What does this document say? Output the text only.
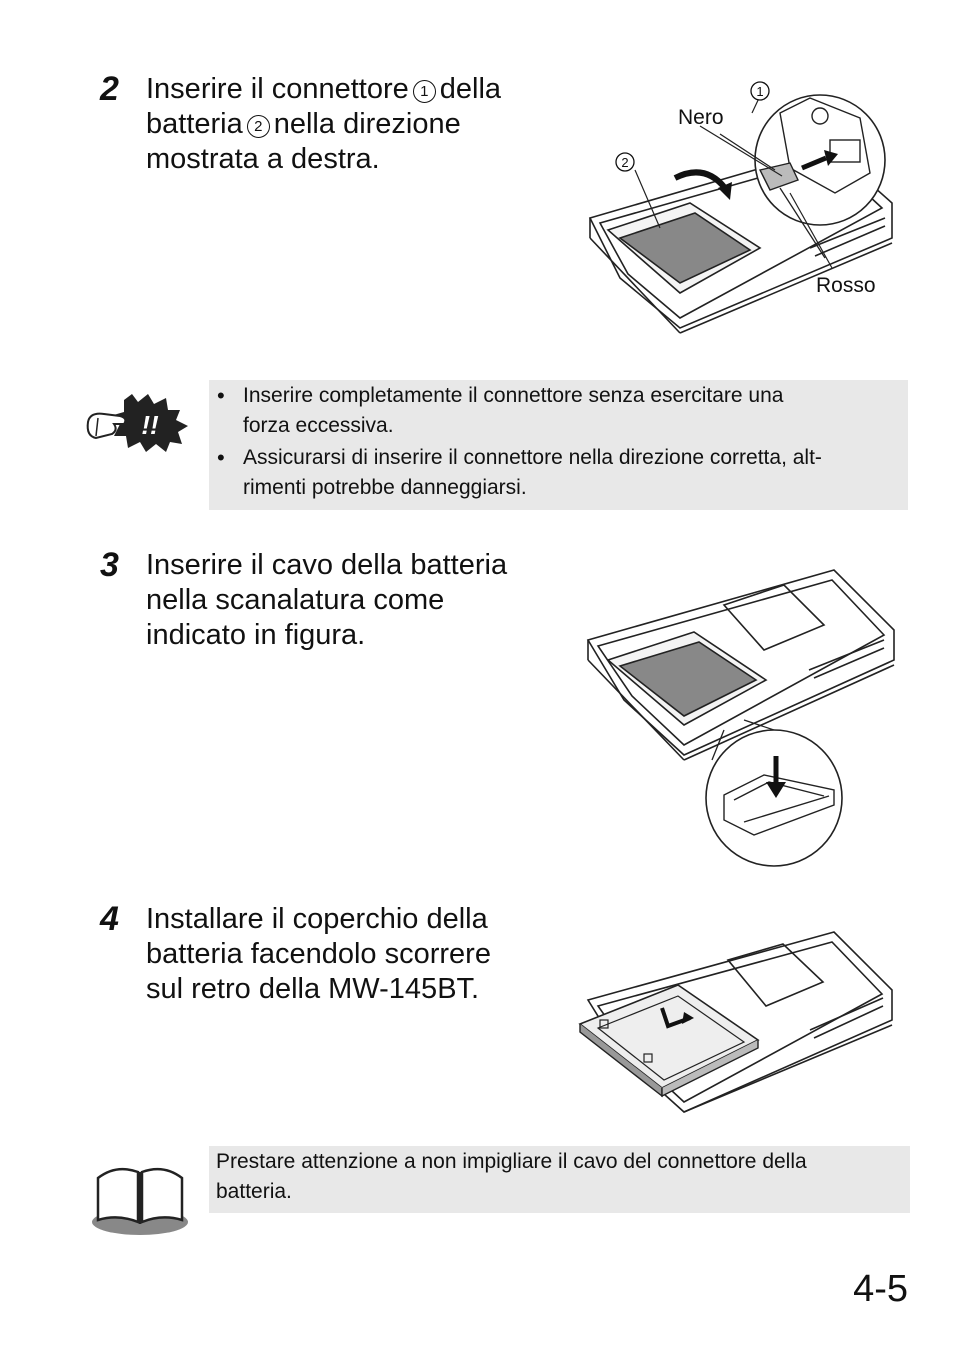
2 Inserire il connettore 1 della
batteria 2 nella direzione
mostrata a destra.
Nero
Rosso
1
2
!!
• Inserire completamente il connettore senza esercitare una
forza eccessiva.
• Assicurarsi di inserire il connettore nella direzione corretta, alt-
rimenti potrebbe danneggiarsi.
3 Inserire il cavo della batteria
nella scanalatura come
indicato in figura.
4 Installare il coperchio della
batteria facendolo scorrere
sul retro della MW-145BT.
Prestare attenzione a non impigliare il cavo del connettore della
batteria.
4-5
